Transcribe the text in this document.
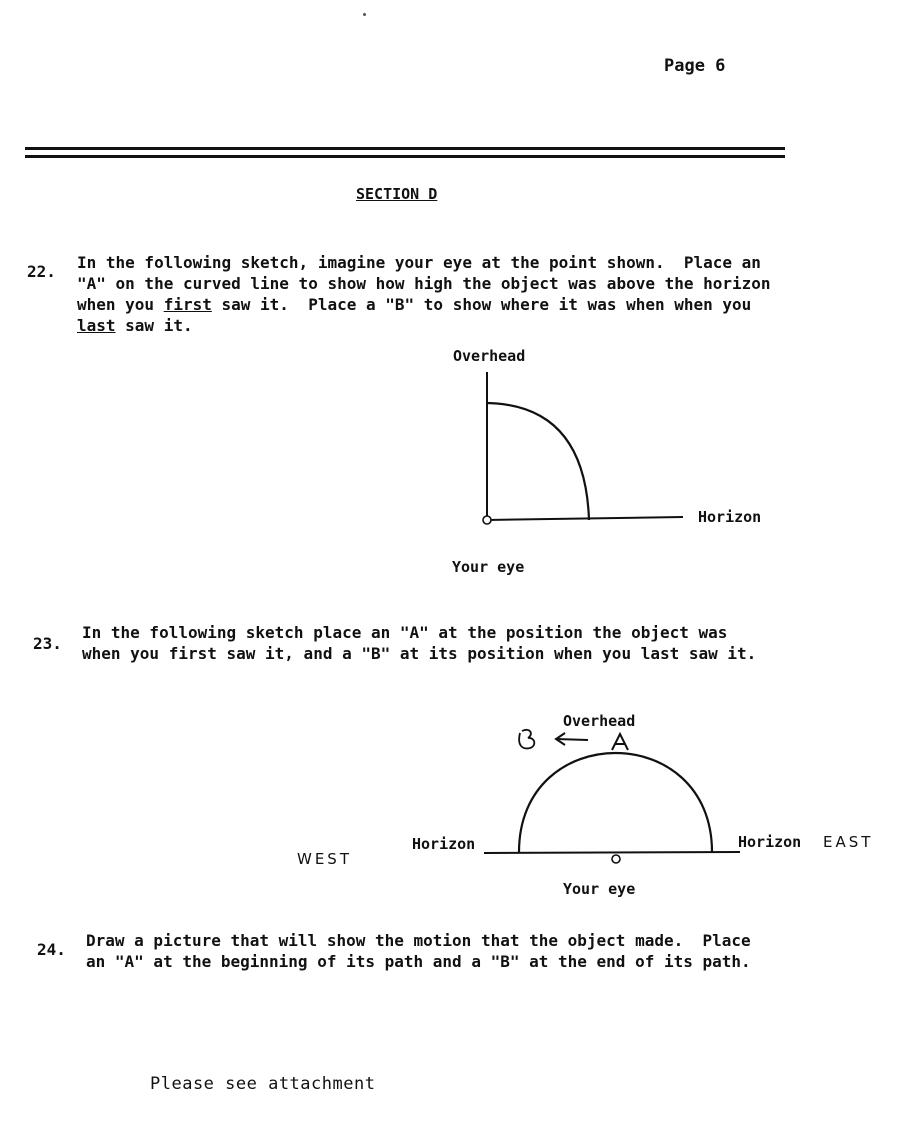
Page 6
SECTION D
22. In the following sketch, imagine your eye at the point shown.  Place an
"A" on the curved line to show how high the object was above the horizon
when you first saw it.  Place a "B" to show where it was when when you
last saw it.
Overhead
Horizon
Your eye
23.
In the following sketch place an "A" at the position the object was
when you first saw it, and a "B" at its position when you last saw it.
Overhead
Horizon	Horizon
Your eye
WEST
EAST
24. Draw a picture that will show the motion that the object made.  Place
an "A" at the beginning of its path and a "B" at the end of its path.
Please see attachment
